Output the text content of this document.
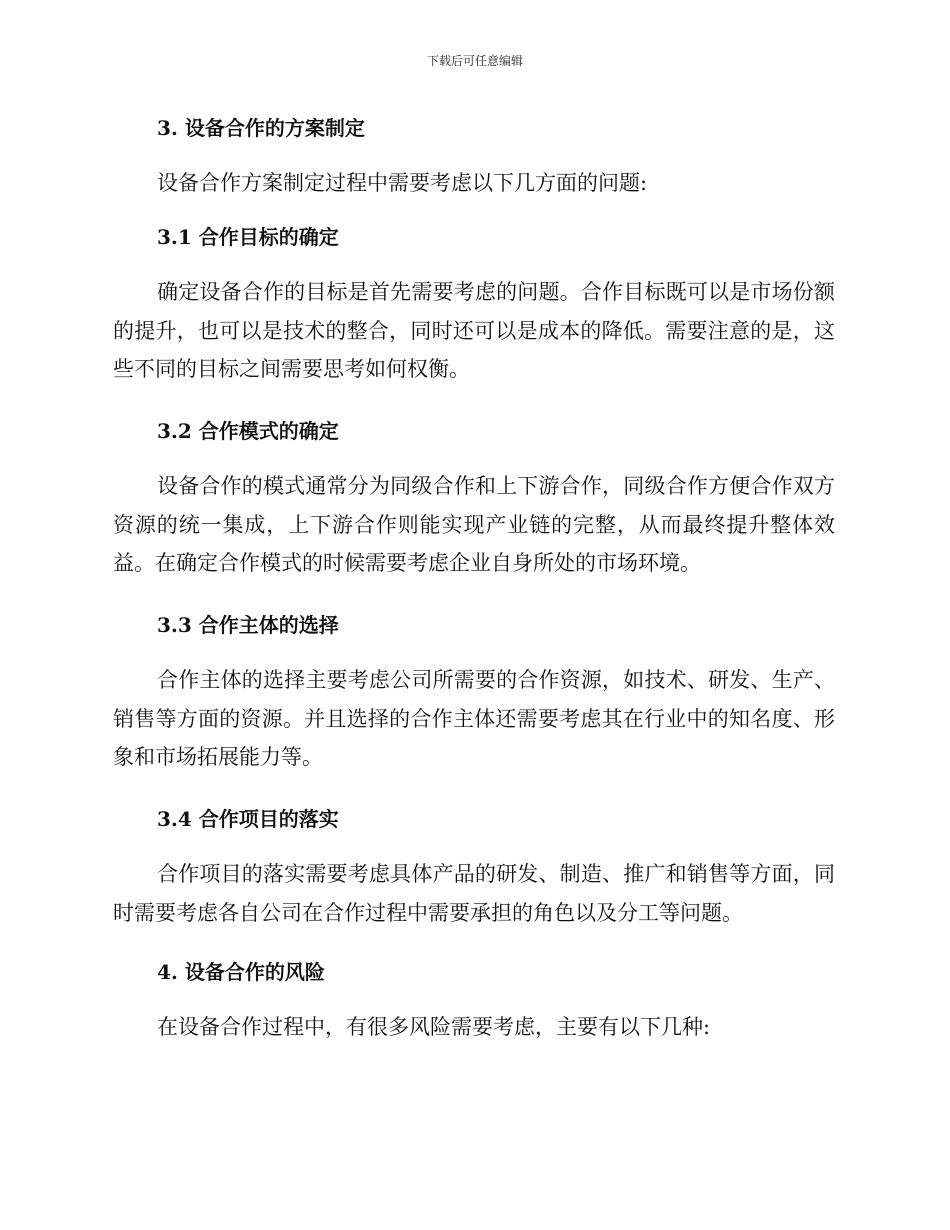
下载后可任意编辑
3. 设备合作的方案制定
设备合作方案制定过程中需要考虑以下几方面的问题:
3.1 合作目标的确定
确定设备合作的目标是首先需要考虑的问题。合作目标既可以是市场份额的提升，也可以是技术的整合，同时还可以是成本的降低。需要注意的是，这些不同的目标之间需要思考如何权衡。
3.2 合作模式的确定
设备合作的模式通常分为同级合作和上下游合作，同级合作方便合作双方资源的统一集成，上下游合作则能实现产业链的完整，从而最终提升整体效益。在确定合作模式的时候需要考虑企业自身所处的市场环境。
3.3 合作主体的选择
合作主体的选择主要考虑公司所需要的合作资源，如技术、研发、生产、销售等方面的资源。并且选择的合作主体还需要考虑其在行业中的知名度、形象和市场拓展能力等。
3.4 合作项目的落实
合作项目的落实需要考虑具体产品的研发、制造、推广和销售等方面，同时需要考虑各自公司在合作过程中需要承担的角色以及分工等问题。
4. 设备合作的风险
在设备合作过程中，有很多风险需要考虑，主要有以下几种:
